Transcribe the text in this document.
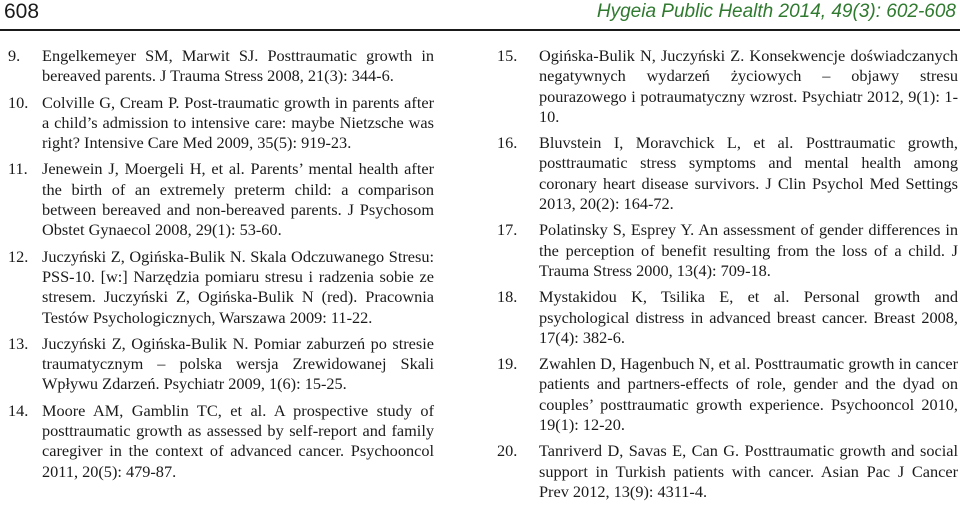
608	Hygeia Public Health 2014, 49(3): 602-608
9.	Engelkemeyer SM, Marwit SJ. Posttraumatic growth in bereaved parents. J Trauma Stress 2008, 21(3): 344-6.
10. Colville G, Cream P. Post-traumatic growth in parents after a child’s admission to intensive care: maybe Nietzsche was right? Intensive Care Med 2009, 35(5): 919-23.
11. Jenewein J, Moergeli H, et al. Parents’ mental health after the birth of an extremely preterm child: a comparison between bereaved and non-bereaved parents. J Psychosom Obstet Gynaecol 2008, 29(1): 53-60.
12. Juczyński Z, Ogińska-Bulik N. Skala Odczuwanego Stresu: PSS-10. [w:] Narzędzia pomiaru stresu i radzenia sobie ze stresem. Juczyński Z, Ogińska-Bulik N (red). Pracownia Testów Psychologicznych, Warszawa 2009: 11-22.
13. Juczyński Z, Ogińska-Bulik N. Pomiar zaburzeń po stresie traumatycznym – polska wersja Zrewidowanej Skali Wpływu Zdarzeń. Psychiatr 2009, 1(6): 15-25.
14. Moore AM, Gamblin TC, et al. A prospective study of posttraumatic growth as assessed by self-report and family caregiver in the context of advanced cancer. Psychooncol 2011, 20(5): 479-87.
15.	Ogińska-Bulik N, Juczyński Z. Konsekwencje doświadczanych negatywnych wydarzeń życiowych – objawy stresu pourazowego i potraumatyczny wzrost. Psychiatr 2012, 9(1): 1-10.
16.	Bluvstein I, Moravchick L, et al. Posttraumatic growth, posttraumatic stress symptoms and mental health among coronary heart disease survivors. J Clin Psychol Med Settings 2013, 20(2): 164-72.
17.	Polatinsky S, Esprey Y. An assessment of gender differences in the perception of benefit resulting from the loss of a child. J Trauma Stress 2000, 13(4): 709-18.
18.	Mystakidou K, Tsilika E, et al. Personal growth and psychological distress in advanced breast cancer. Breast 2008, 17(4): 382-6.
19.	Zwahlen D, Hagenbuch N, et al. Posttraumatic growth in cancer patients and partners-effects of role, gender and the dyad on couples’ posttraumatic growth experience. Psychooncol 2010, 19(1): 12-20.
20.	Tanriverd D, Savas E, Can G. Posttraumatic growth and social support in Turkish patients with cancer. Asian Pac J Cancer Prev 2012, 13(9): 4311-4.
